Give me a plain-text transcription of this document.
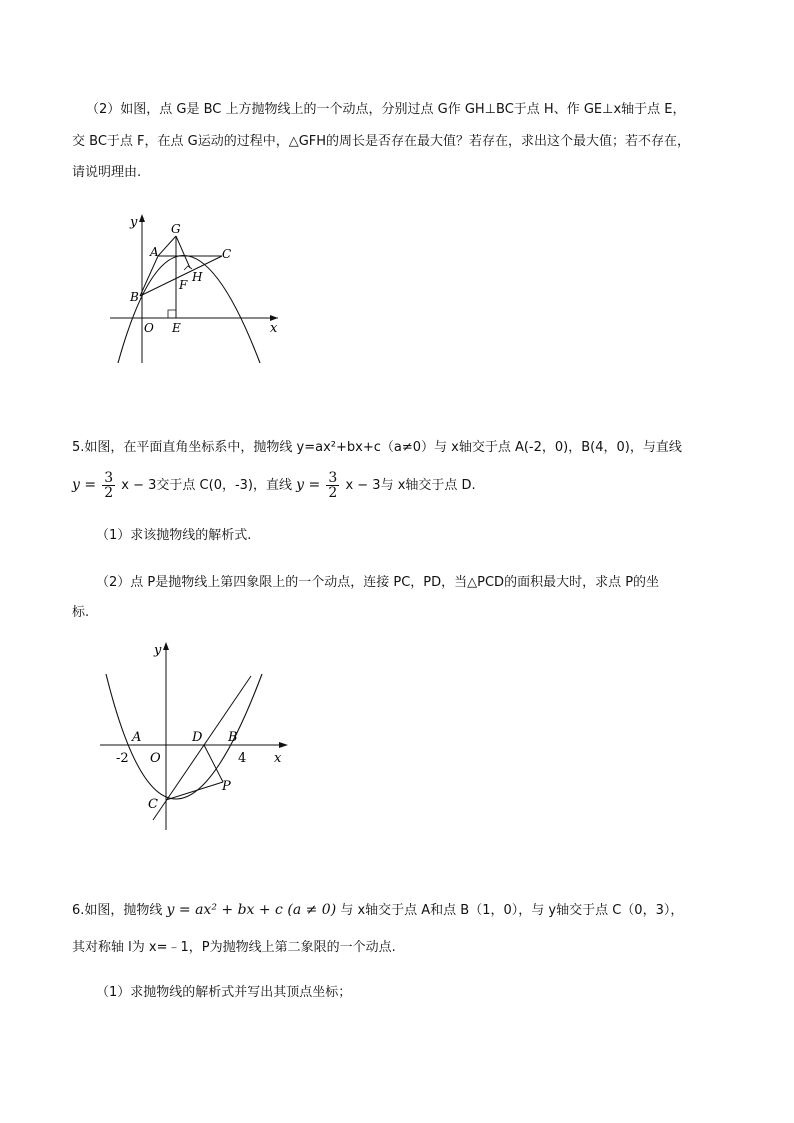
（2）如图，点 G是 BC 上方抛物线上的一个动点，分别过点 G作 GH⊥BC于点 H、作 GE⊥x轴于点 E，
交 BC于点 F，在点 G运动的过程中，△GFH的周长是否存在最大值？若存在，求出这个最大值；若不存在，
请说明理由.
y
x
G
A	C
H
F
B
O E
5.如图，在平面直角坐标系中，抛物线 y=ax²+bx+c（a≠0）与 x轴交于点 A(-2，0)，B(4，0)，与直线
$y = \frac{3}{2}$ x − 3交于点 C(0，-3)，直线 $y = \frac{3}{2}$ x − 3与 x轴交于点 D.
（1）求该抛物线的解析式.
（2）点 P是抛物线上第四象限上的一个动点，连接 PC，PD，当△PCD的面积最大时，求点 P的坐
标.
y
x
A	D B
-2 O	4
P
C
6.如图，抛物线 y = ax² + bx + c (a ≠ 0) 与 x轴交于点 A和点 B（1，0），与 y轴交于点 C（0，3），
其对称轴 l为 x=﹣1，P为抛物线上第二象限的一个动点.
（1）求抛物线的解析式并写出其顶点坐标；
